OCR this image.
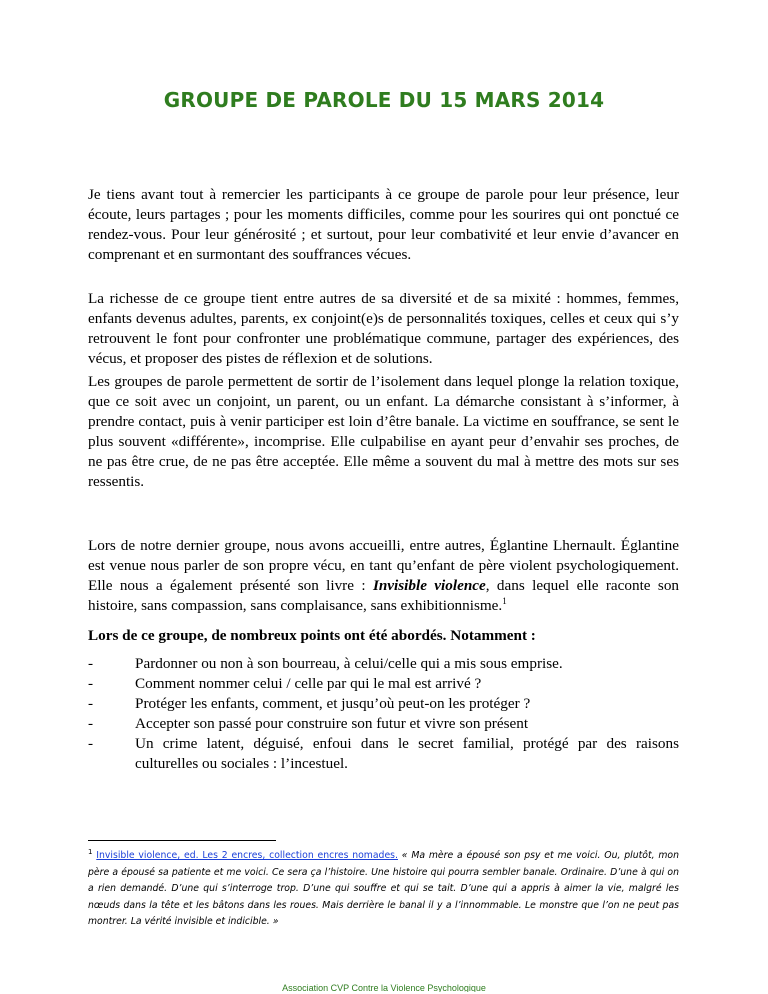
GROUPE DE PAROLE DU 15 MARS 2014

Je tiens avant tout à remercier les participants à ce groupe de parole pour leur présence, leur écoute, leurs partages ; pour les moments difficiles, comme pour les sourires qui ont ponctué ce rendez-vous. Pour leur générosité ; et surtout, pour leur combativité et leur envie d’avancer en comprenant et en surmontant des souffrances vécues.

La richesse de ce groupe tient entre autres de sa diversité et de sa mixité : hommes, femmes, enfants devenus adultes, parents, ex conjoint(e)s de personnalités toxiques, celles et ceux qui s’y retrouvent le font pour confronter une problématique commune, partager des expériences, des vécus, et proposer des pistes de réflexion et de solutions.

Les groupes de parole permettent de sortir de l’isolement dans lequel plonge la relation toxique, que ce soit avec un conjoint, un parent, ou un enfant. La démarche consistant à s’informer, à prendre contact, puis à venir participer est loin d’être banale. La victime en souffrance, se sent le plus souvent «différente», incomprise. Elle culpabilise en ayant peur d’envahir ses proches, de ne pas être crue, de ne pas être acceptée. Elle même a souvent du mal à mettre des mots sur ses ressentis.

Lors de notre dernier groupe, nous avons accueilli, entre autres, Églantine Lhernault. Églantine est venue nous parler de son propre vécu, en tant qu’enfant de père violent psychologiquement. Elle nous a également présenté son livre : Invisible violence, dans lequel elle raconte son histoire, sans compassion, sans complaisance, sans exhibitionnisme.$^1$

Lors de ce groupe, de nombreux points ont été abordés. Notamment :

-	Pardonner ou non à son bourreau, à celui/celle qui a mis sous emprise.
-	Comment nommer celui / celle par qui le mal est arrivé ?
-	Protéger les enfants, comment, et jusqu’où peut-on les protéger ?
-	Accepter son passé pour construire son futur et vivre son présent
-	Un crime latent, déguisé, enfoui dans le secret familial, protégé par des raisons culturelles ou sociales : l’incestuel.

$^1$ Invisible violence, ed. Les 2 encres, collection encres nomades. « Ma mère a épousé son psy et me voici. Ou, plutôt, mon père a épousé sa patiente et me voici. Ce sera ça l’histoire. Une histoire qui pourra sembler banale. Ordinaire. D’une à qui on a rien demandé. D’une qui s’interroge trop. D’une qui souffre et qui se tait. D’une qui a appris à aimer la vie, malgré les nœuds dans la tête et les bâtons dans les roues. Mais derrière le banal il y a l’innommable. Le monstre que l’on ne peut pas montrer. La vérité invisible et indicible. »

Association CVP Contre la Violence Psychologique
